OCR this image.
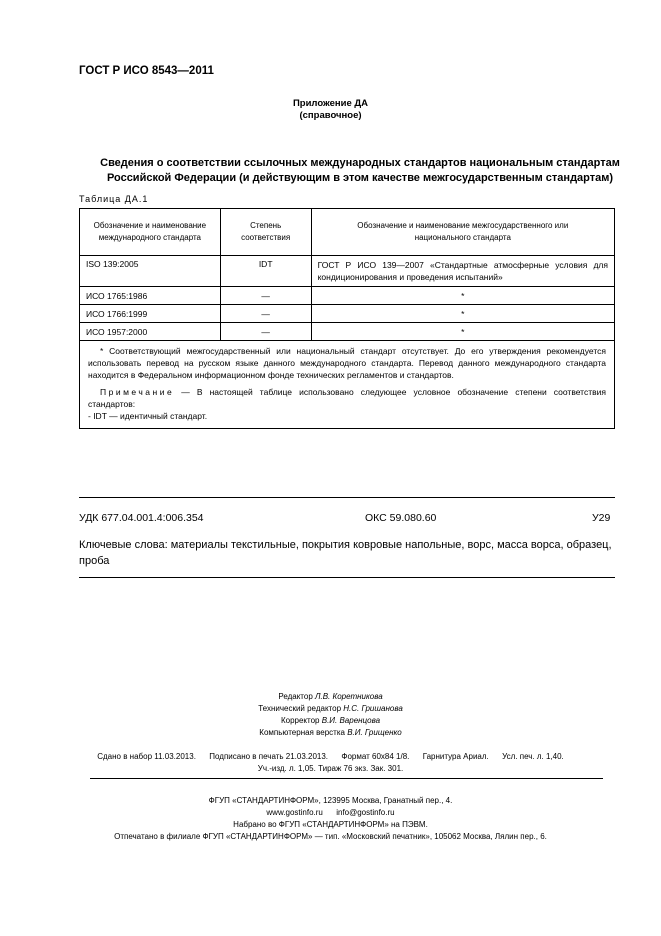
ГОСТ Р ИСО 8543—2011
Приложение ДА
(справочное)
Сведения о соответствии ссылочных международных стандартов национальным стандартам
Российской Федерации (и действующим в этом качестве межгосударственным стандартам)
Таблица ДА.1
Обозначение и наименование международного стандарта	Степень соответствия	Обозначение и наименование межгосударственного или национального стандарта
ISO 139:2005	IDT	ГОСТ Р ИСО 139—2007 «Стандартные атмосферные условия для кондиционирования и проведения испытаний»
ИСО 1765:1986	—	*
ИСО 1766:1999	—	*
ИСО 1957:2000	—	*

* Соответствующий межгосударственный или национальный стандарт отсутствует. До его утверждения рекомендуется использовать перевод на русском языке данного международного стандарта. Перевод данного международного стандарта находится в Федеральном информационном фонде технических регламентов и стандартов.

Примечание — В настоящей таблице использовано следующее условное обозначение степени соответствия стандартов:

- IDT — идентичный стандарт.		

УДК 677.04.001.4:006.354	ОКС 59.080.60	У29
Ключевые слова: материалы текстильные, покрытия ковровые напольные, ворс, масса ворса, образец, проба
Редактор Л.В. Коретникова
Технический редактор Н.С. Гришанова
Корректор В.И. Варенцова
Компьютерная верстка В.И. Грищенко
Сдано в набор 11.03.2013.      Подписано в печать 21.03.2013.      Формат 60х84 1/8.      Гарнитура Ариал.      Усл. печ. л. 1,40.
Уч.-изд. л. 1,05. Тираж 76 экз. Зак. 301.
ФГУП «СТАНДАРТИНФОРМ», 123995 Москва, Гранатный пер., 4.
www.gostinfo.ru      info@gostinfo.ru
Набрано во ФГУП «СТАНДАРТИНФОРМ» на ПЭВМ.
Отпечатано в филиале ФГУП «СТАНДАРТИНФОРМ» — тип. «Московский печатник», 105062 Москва, Лялин пер., 6.
